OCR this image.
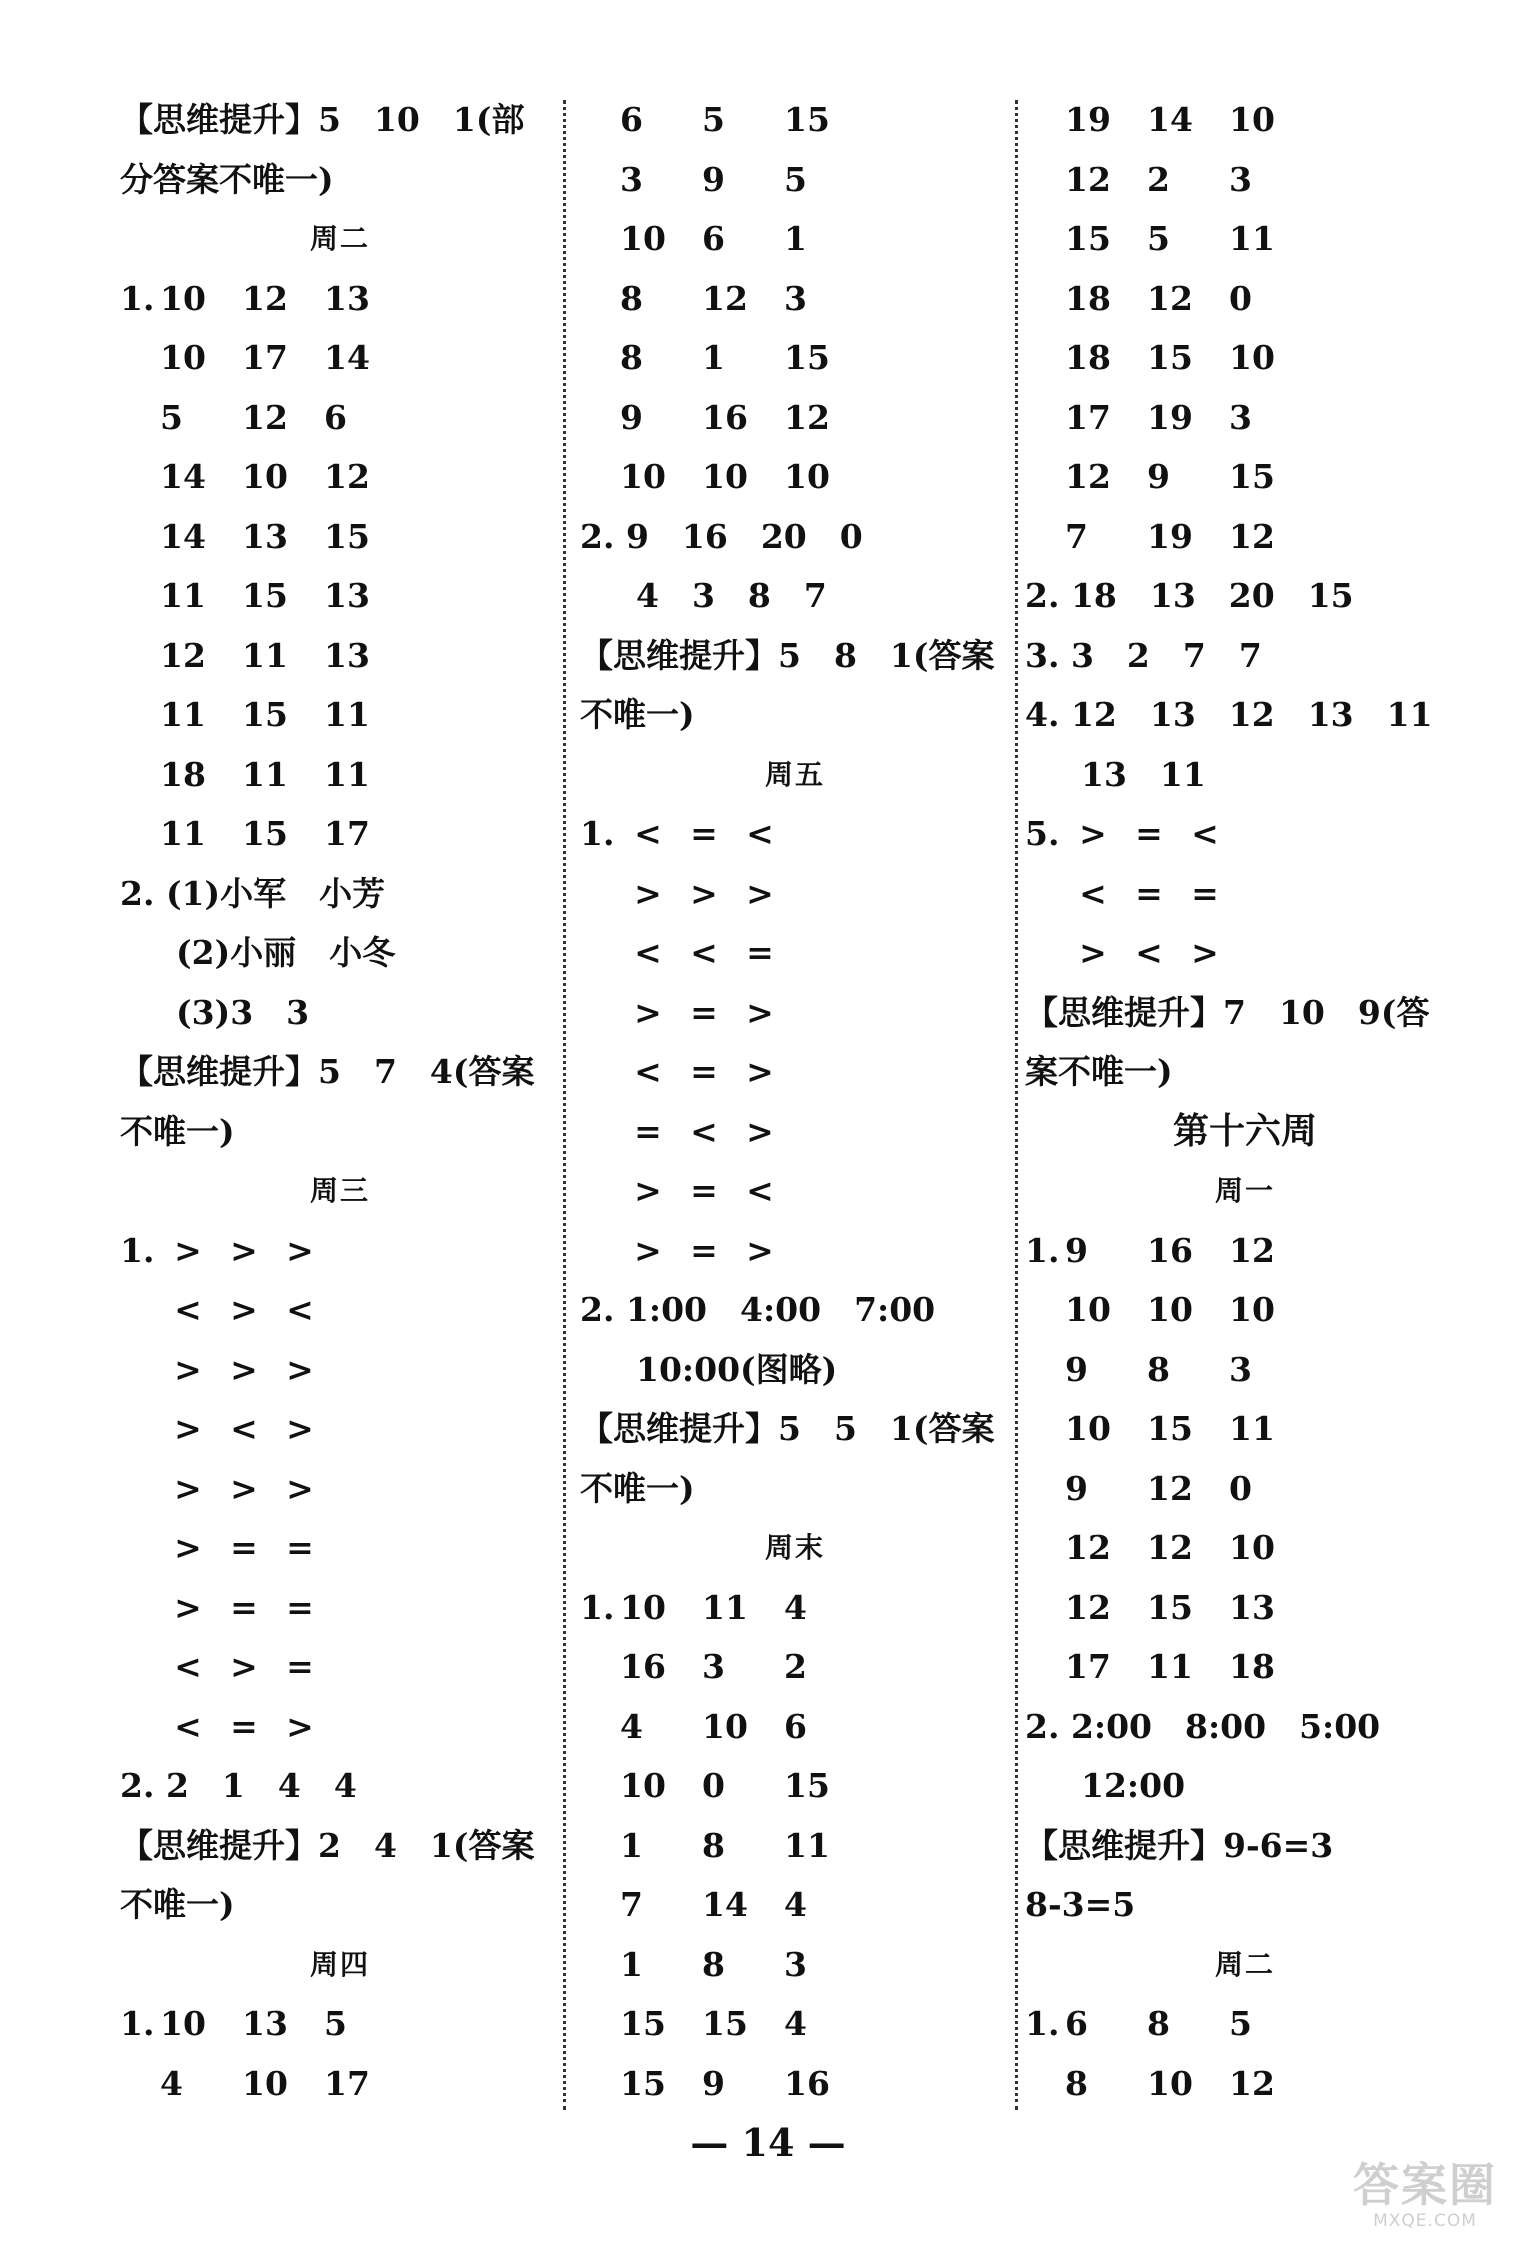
【思维提升】5　10　1(部
分答案不唯一)
周二
1. 10	12	13
10	17	14
5	12	6
14	10	12
14	13	15
11	15	13
12	11	13
11	15	11
18	11	11
11	15	17
2. (1)小军　小芳
(2)小丽　小冬
(3)3　3
【思维提升】5　7　4(答案
不唯一)
周三
1. > > >
< > <
> > >
> < >
> > >
> = =
> = =
< > =
< = >
2. 2　1　4　4
【思维提升】2　4　1(答案
不唯一)
周四
1. 10	13	5
4	10	17
6	5	15
3	9	5
10	6	1
8	12	3
8	1	15
9	16	12
10	10	10
2. 9　16　20　0
4　3　8　7
【思维提升】5　8　1(答案
不唯一)
周五
1. < = <
> > >
< < =
> = >
< = >
= < >
> = <
> = >
2. 1:00　4:00　7:00
10:00(图略)
【思维提升】5　5　1(答案
不唯一)
周末
1. 10	11	4
16	3	2
4	10	6
10	0	15
1	8	11
7	14	4
1	8	3
15	15	4
15	9	16
19	14	10
12	2	3
15	5	11
18	12	0
18	15	10
17	19	3
12	9	15
7	19	12
2. 18　13　20　15
3. 3　2　7　7
4. 12　13　12　13　11
13　11
5. > = <
< = =
> < >
【思维提升】7　10　9(答
案不唯一)
第十六周
周一
1. 9	16	12
10	10	10
9	8	3
10	15	11
9	12	0
12	12	10
12	15	13
17	11	18
2. 2:00　8:00　5:00
12:00
【思维提升】9-6=3
8-3=5
周二
1. 6	8	5
8	10	12
— 14 —
答案圈
MXQE.COM
